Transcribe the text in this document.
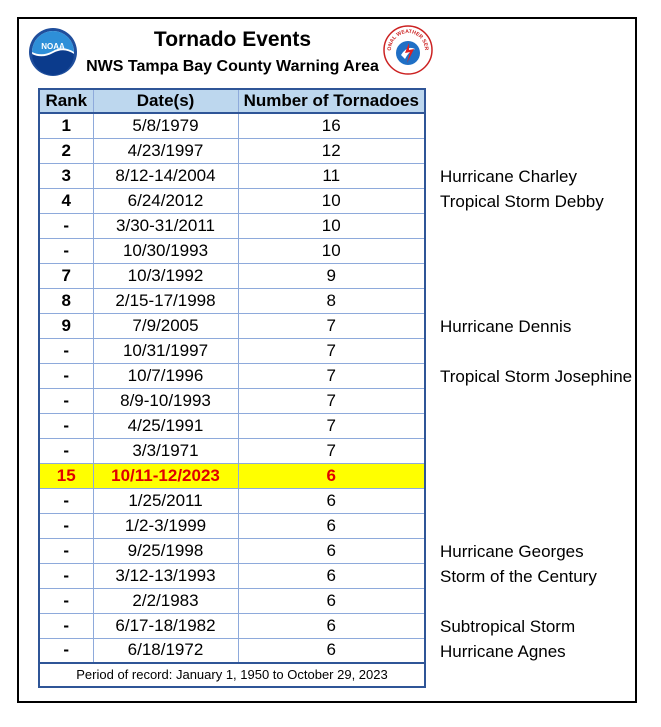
NOAA	ONAL WEATHER SER
Tornado Events
NWS Tampa Bay County Warning Area
Rank	Date(s)	Number of Tornadoes
1	5/8/1979	16
2	4/23/1997	12
3	8/12-14/2004	11
4	6/24/2012	10
-	3/30-31/2011	10
-	10/30/1993	10
7	10/3/1992	9
8	2/15-17/1998	8
9	7/9/2005	7
-	10/31/1997	7
-	10/7/1996	7
-	8/9-10/1993	7
-	4/25/1991	7
-	3/3/1971	7
15	10/11-12/2023	6
-	1/25/2011	6
-	1/2-3/1999	6
-	9/25/1998	6
-	3/12-13/1993	6
-	2/2/1983	6
-	6/17-18/1982	6
-	6/18/1972	6
Period of record: January 1, 1950 to October 29, 2023		
Hurricane Charley
Tropical Storm Debby
Hurricane Dennis
Tropical Storm Josephine
Hurricane Georges
Storm of the Century
Subtropical Storm
Hurricane Agnes
